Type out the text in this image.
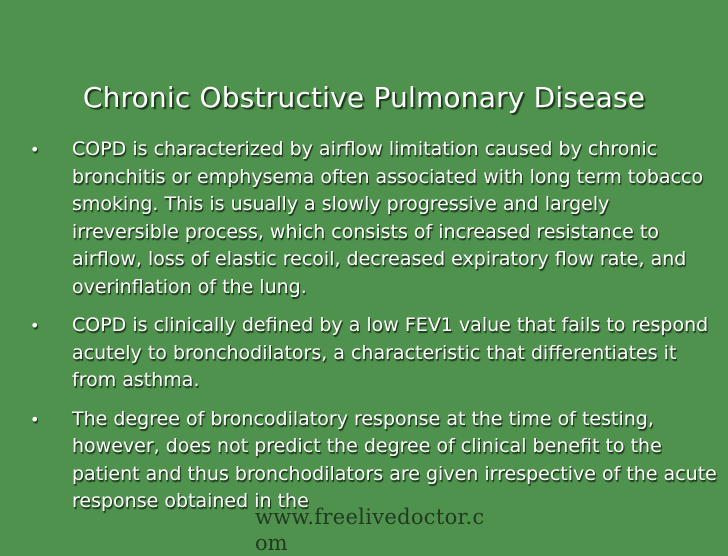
Chronic Obstructive Pulmonary Disease
• COPD is characterized by airflow limitation caused by chronic bronchitis or emphysema often associated with long term tobacco smoking. This is usually a slowly progressive and largely irreversible process, which consists of increased resistance to airflow, loss of elastic recoil, decreased expiratory flow rate, and overinflation of the lung.
• COPD is clinically defined by a low FEV1 value that fails to respond acutely to bronchodilators, a characteristic that differentiates it from asthma.
• The degree of broncodilatory response at the time of testing, however, does not predict the degree of clinical benefit to the patient and thus bronchodilators are given irrespective of the acute response obtained in the
www.freelivedoctor.c
om
